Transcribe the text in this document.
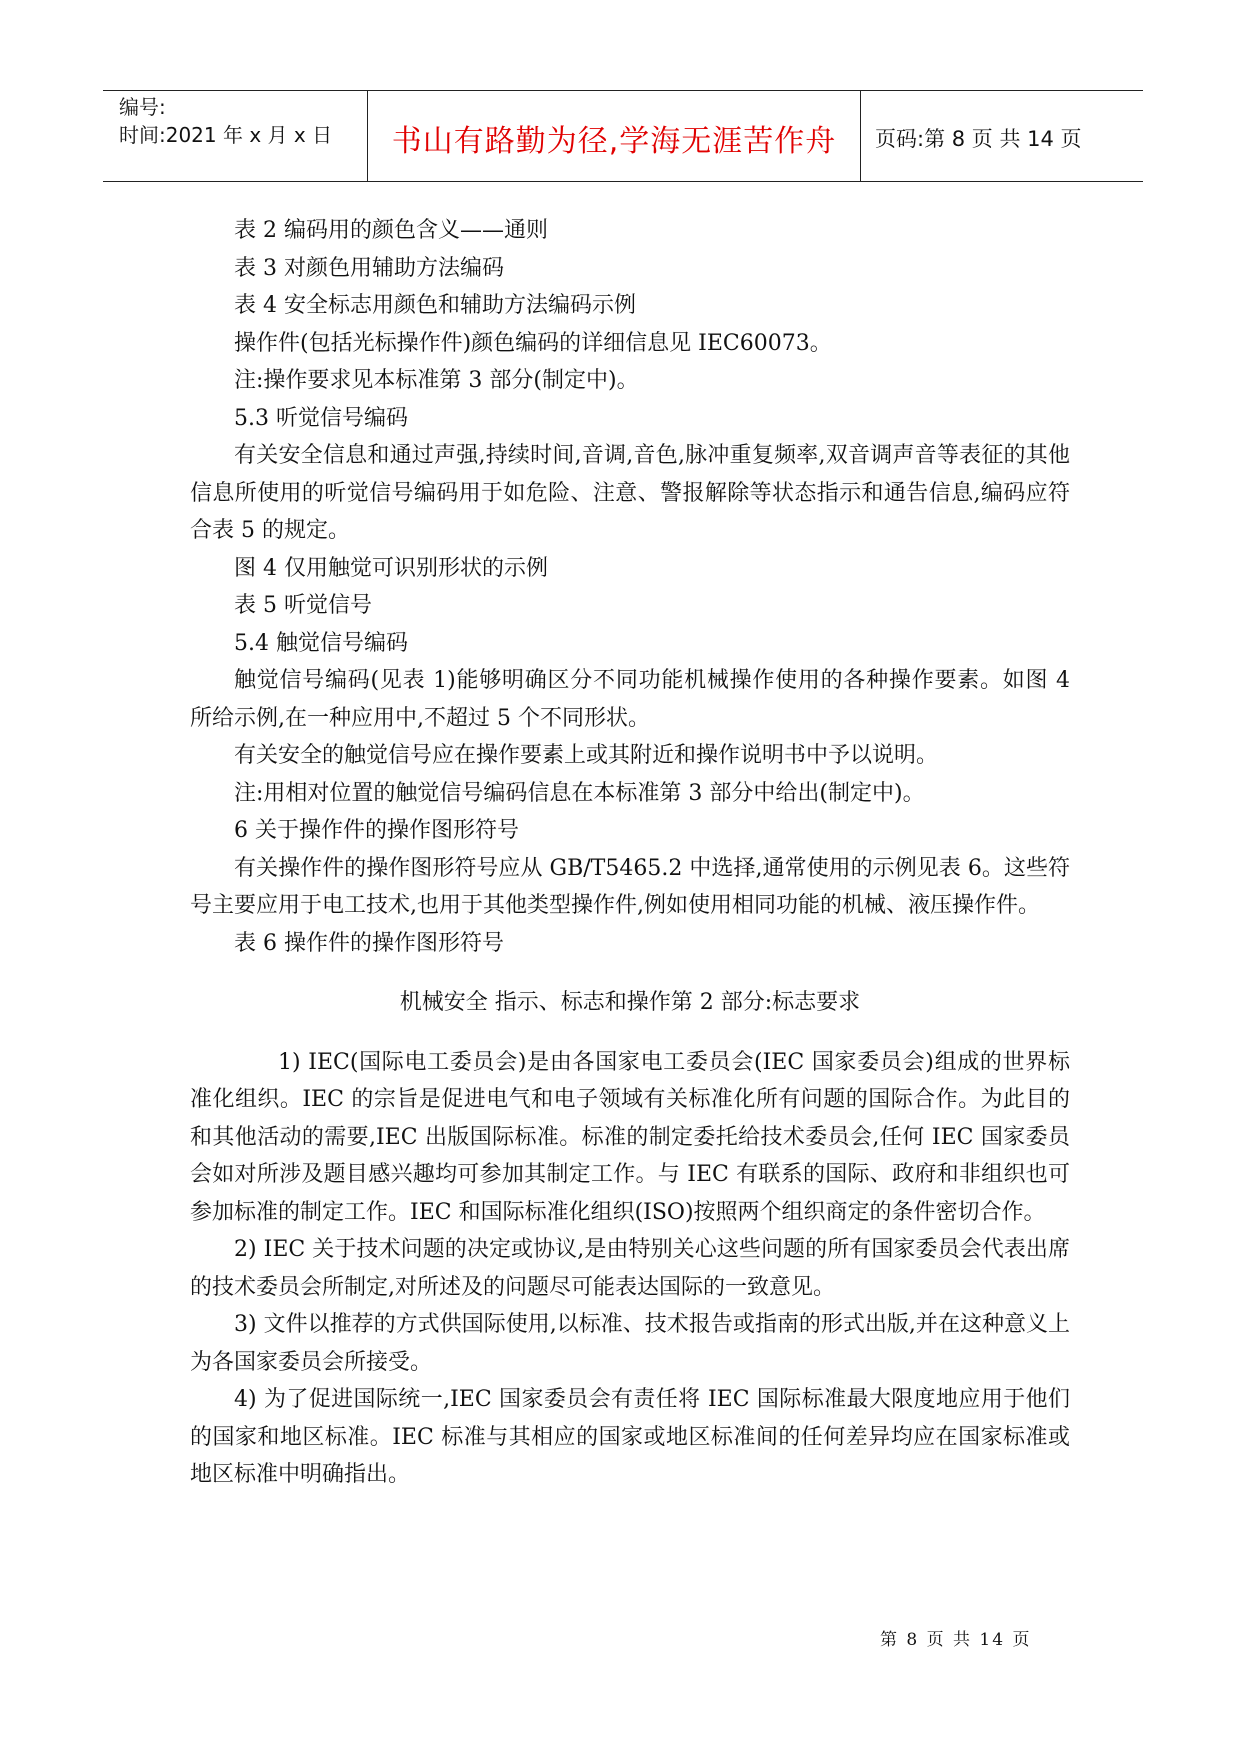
编号:
时间:2021 年 x 月 x 日	书山有路勤为径,学海无涯苦作舟	页码:第 8 页 共 14 页

表 2 编码用的颜色含义——通则

表 3 对颜色用辅助方法编码

表 4 安全标志用颜色和辅助方法编码示例

操作件(包括光标操作件)颜色编码的详细信息见 IEC60073。

注:操作要求见本标准第 3 部分(制定中)。

5.3 听觉信号编码

有关安全信息和通过声强,持续时间,音调,音色,脉冲重复频率,双音调声音等表征的其他信息所使用的听觉信号编码用于如危险、注意、警报解除等状态指示和通告信息,编码应符合表 5 的规定。

图 4 仅用触觉可识别形状的示例

表 5 听觉信号

5.4 触觉信号编码

触觉信号编码(见表 1)能够明确区分不同功能机械操作使用的各种操作要素。如图 4 所给示例,在一种应用中,不超过 5 个不同形状。

有关安全的触觉信号应在操作要素上或其附近和操作说明书中予以说明。

注:用相对位置的触觉信号编码信息在本标准第 3 部分中给出(制定中)。

6 关于操作件的操作图形符号

有关操作件的操作图形符号应从 GB/T5465.2 中选择,通常使用的示例见表 6。这些符号主要应用于电工技术,也用于其他类型操作件,例如使用相同功能的机械、液压操作件。

表 6 操作件的操作图形符号

机械安全 指示、标志和操作第 2 部分:标志要求

1) IEC(国际电工委员会)是由各国家电工委员会(IEC 国家委员会)组成的世界标准化组织。IEC 的宗旨是促进电气和电子领域有关标准化所有问题的国际合作。为此目的和其他活动的需要,IEC 出版国际标准。标准的制定委托给技术委员会,任何 IEC 国家委员会如对所涉及题目感兴趣均可参加其制定工作。与 IEC 有联系的国际、政府和非组织也可参加标准的制定工作。IEC 和国际标准化组织(ISO)按照两个组织商定的条件密切合作。

2) IEC 关于技术问题的决定或协议,是由特别关心这些问题的所有国家委员会代表出席的技术委员会所制定,对所述及的问题尽可能表达国际的一致意见。

3) 文件以推荐的方式供国际使用,以标准、技术报告或指南的形式出版,并在这种意义上为各国家委员会所接受。

4) 为了促进国际统一,IEC 国家委员会有责任将 IEC 国际标准最大限度地应用于他们的国家和地区标准。IEC 标准与其相应的国家或地区标准间的任何差异均应在国家标准或地区标准中明确指出。

第 8 页 共 14 页
